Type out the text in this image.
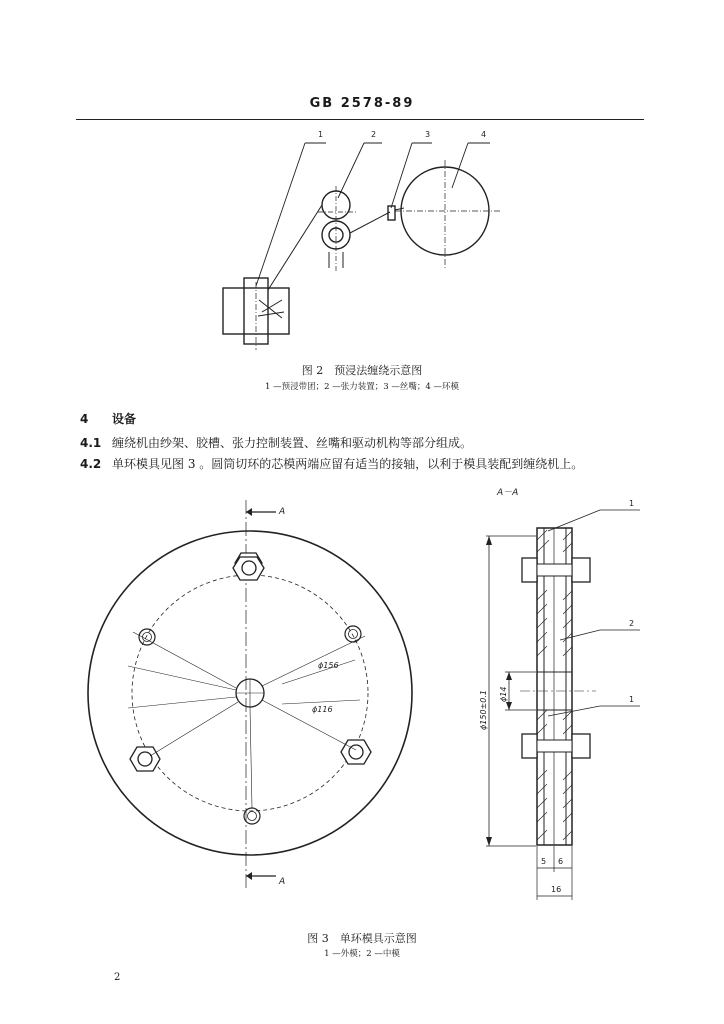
GB 2578-89
1	2	3	4
图 2　预浸法缠绕示意图
1 —预浸带团；2 —张力装置；3 —丝嘴；4 —环模
4 设备
4.1 缠绕机由纱架、胶槽、张力控制装置、丝嘴和驱动机构等部分组成。
4.2 单环模具见图 3 。圆筒切环的芯模两端应留有适当的接轴，以利于模具装配到缠绕机上。
A
A
ϕ156
ϕ116
A－A
1
2
1
ϕ150±0.1 ϕ14
5 6
16
图 3　单环模具示意图
1 —外模；2 —中模
2
